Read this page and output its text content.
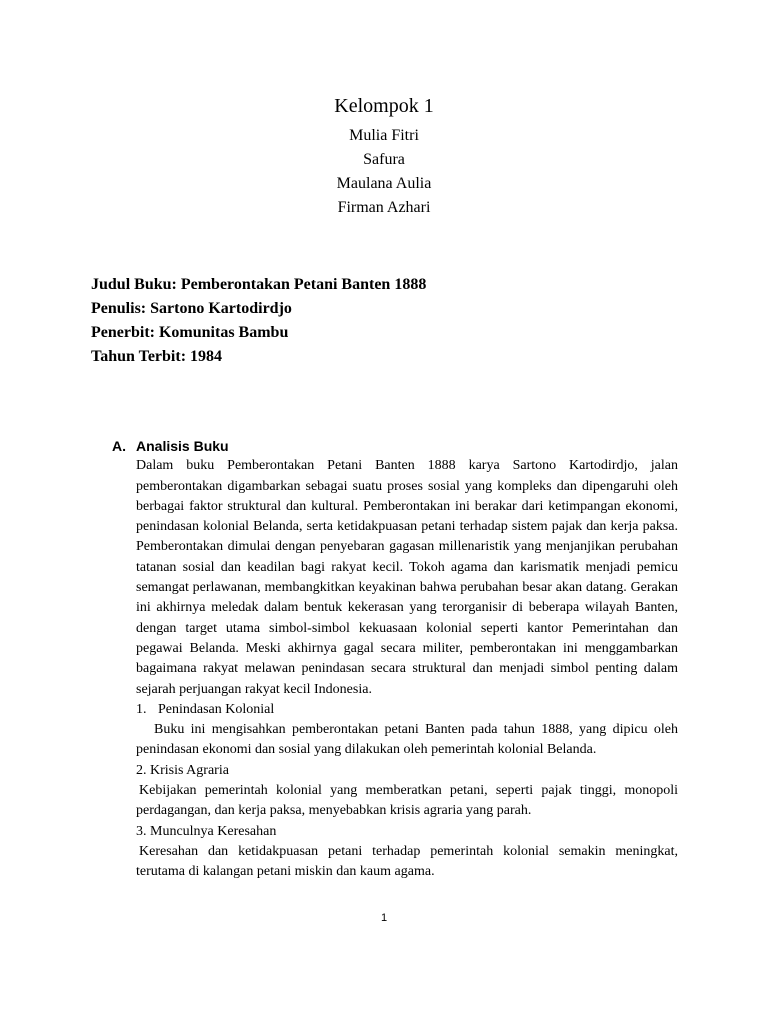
Kelompok 1
Mulia Fitri
Safura
Maulana Aulia
Firman Azhari
Judul Buku: Pemberontakan Petani Banten 1888
Penulis: Sartono Kartodirdjo
Penerbit: Komunitas Bambu
Tahun Terbit: 1984
A. Analisis Buku
Dalam buku Pemberontakan Petani Banten 1888 karya Sartono Kartodirdjo, jalan pemberontakan digambarkan sebagai suatu proses sosial yang kompleks dan dipengaruhi oleh berbagai faktor struktural dan kultural. Pemberontakan ini berakar dari ketimpangan ekonomi, penindasan kolonial Belanda, serta ketidakpuasan petani terhadap sistem pajak dan kerja paksa. Pemberontakan dimulai dengan penyebaran gagasan millenaristik yang menjanjikan perubahan tatanan sosial dan keadilan bagi rakyat kecil. Tokoh agama dan karismatik menjadi pemicu semangat perlawanan, membangkitkan keyakinan bahwa perubahan besar akan datang. Gerakan ini akhirnya meledak dalam bentuk kekerasan yang terorganisir di beberapa wilayah Banten, dengan target utama simbol-simbol kekuasaan kolonial seperti kantor Pemerintahan dan pegawai Belanda. Meski akhirnya gagal secara militer, pemberontakan ini menggambarkan bagaimana rakyat melawan penindasan secara struktural dan menjadi simbol penting dalam sejarah perjuangan rakyat kecil Indonesia.
1. Penindasan Kolonial
Buku ini mengisahkan pemberontakan petani Banten pada tahun 1888, yang dipicu oleh penindasan ekonomi dan sosial yang dilakukan oleh pemerintah kolonial Belanda.
2. Krisis Agraria
Kebijakan pemerintah kolonial yang memberatkan petani, seperti pajak tinggi, monopoli perdagangan, dan kerja paksa, menyebabkan krisis agraria yang parah.
3. Munculnya Keresahan
Keresahan dan ketidakpuasan petani terhadap pemerintah kolonial semakin meningkat, terutama di kalangan petani miskin dan kaum agama.
1
